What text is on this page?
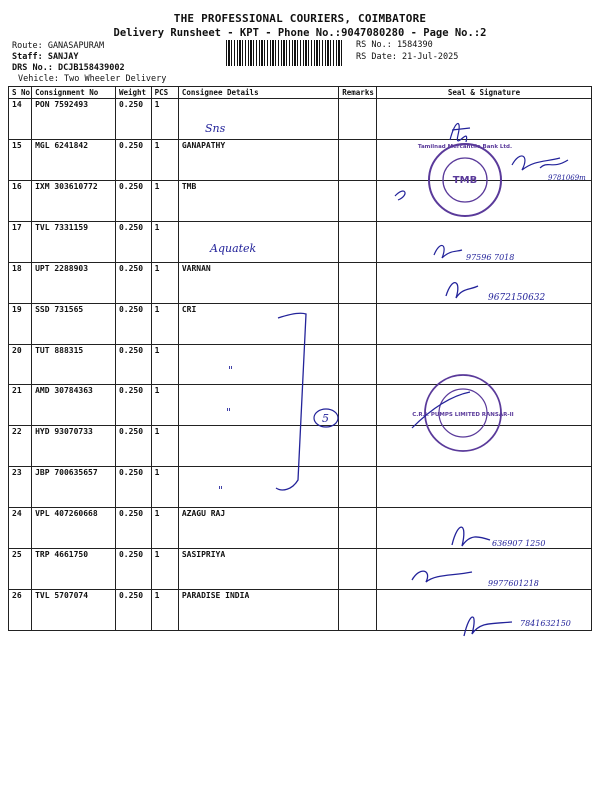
THE PROFESSIONAL COURIERS, COIMBATORE
Delivery Runsheet - KPT - Phone No.:9047080280 - Page No.:2
Route: GANASAPURAM
Staff: SANJAY
DRS No.: DCJB158439002
Vehicle: Two Wheeler Delivery
RS No.: 1584390
RS Date: 21-Jul-2025
S No	Consignment No	Weight	PCS	Consignee Details	Remarks	Seal & Signature
14	PON 7592493	0.250	1			
15	MGL 6241842	0.250	1	GANAPATHY		
16	IXM 303610772	0.250	1	TMB		
17	TVL 7331159	0.250	1			
18	UPT 2288903	0.250	1	VARNAN		
19	SSD 731565	0.250	1	CRI		
20	TUT 888315	0.250	1			
21	AMD 30784363	0.250	1			
22	HYD 93070733	0.250	1			
23	JBP 700635657	0.250	1			
24	VPL 407260668	0.250	1	AZAGU RAJ		
25	TRP 4661750	0.250	1	SASIPRIYA		
26	TVL 5707074	0.250	1	PARADISE INDIA		
Sns
9781069m
TMB
Tamilnad Mercantile Bank Ltd.
Aquatek
97596 7018
9672150632
"
"
"
5	C.R.I. PUMPS LIMITED RANSAR-II
636907 1250
9977601218
7841632150
